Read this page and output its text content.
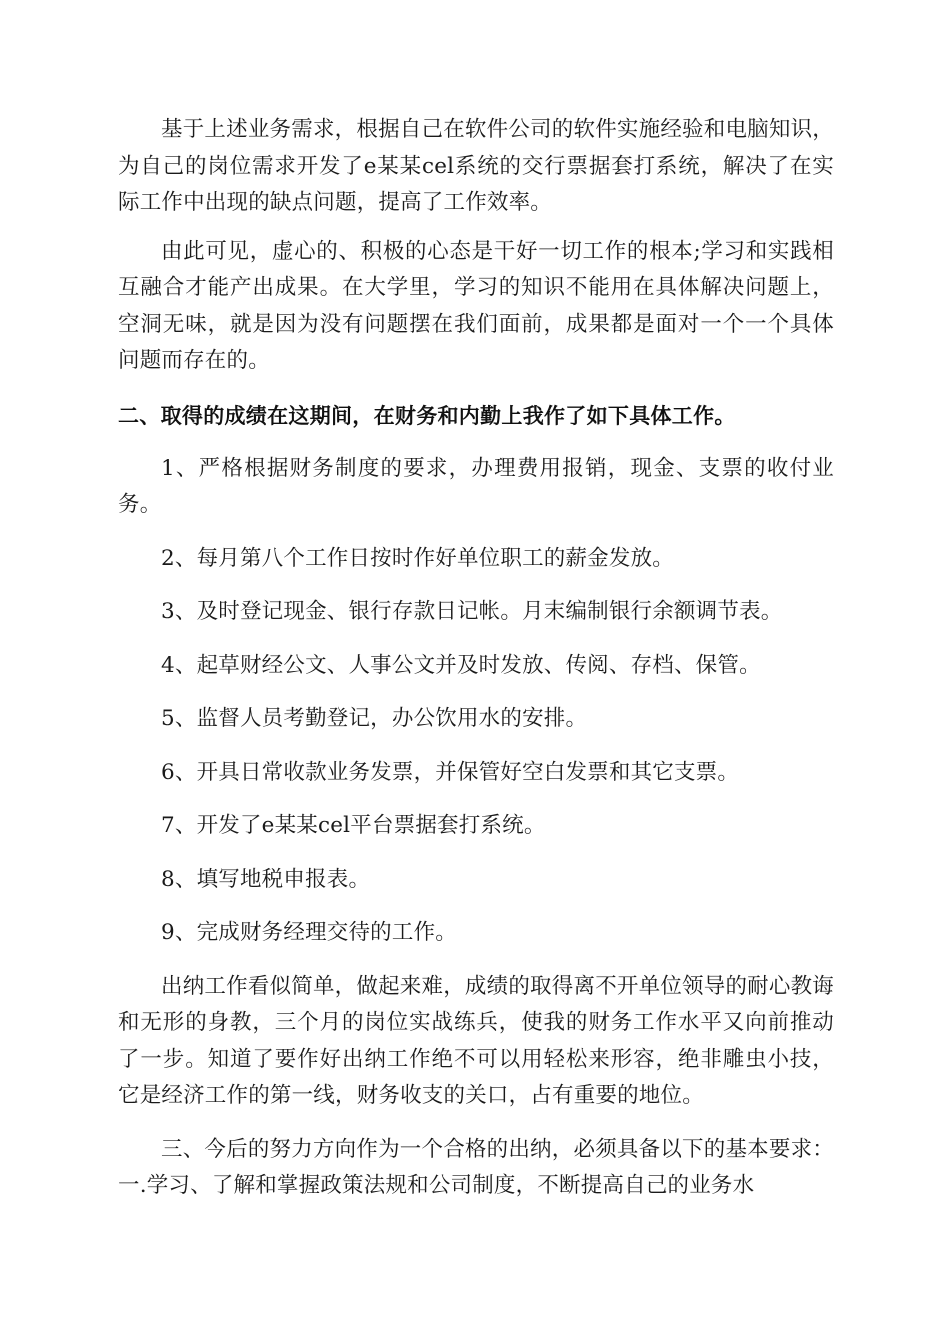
基于上述业务需求，根据自己在软件公司的软件实施经验和电脑知识，为自己的岗位需求开发了e某某cel系统的交行票据套打系统，解决了在实际工作中出现的缺点问题，提高了工作效率。

由此可见，虚心的、积极的心态是干好一切工作的根本;学习和实践相互融合才能产出成果。在大学里，学习的知识不能用在具体解决问题上，空洞无味，就是因为没有问题摆在我们面前，成果都是面对一个一个具体问题而存在的。

二、取得的成绩在这期间，在财务和内勤上我作了如下具体工作。

1、严格根据财务制度的要求，办理费用报销，现金、支票的收付业务。

2、每月第八个工作日按时作好单位职工的薪金发放。

3、及时登记现金、银行存款日记帐。月末编制银行余额调节表。

4、起草财经公文、人事公文并及时发放、传阅、存档、保管。

5、监督人员考勤登记，办公饮用水的安排。

6、开具日常收款业务发票，并保管好空白发票和其它支票。

7、开发了e某某cel平台票据套打系统。

8、填写地税申报表。

9、完成财务经理交待的工作。

出纳工作看似简单，做起来难，成绩的取得离不开单位领导的耐心教诲和无形的身教，三个月的岗位实战练兵，使我的财务工作水平又向前推动了一步。知道了要作好出纳工作绝不可以用轻松来形容，绝非雕虫小技，它是经济工作的第一线，财务收支的关口，占有重要的地位。

三、今后的努力方向作为一个合格的出纳，必须具备以下的基本要求：一.学习、了解和掌握政策法规和公司制度，不断提高自己的业务水
